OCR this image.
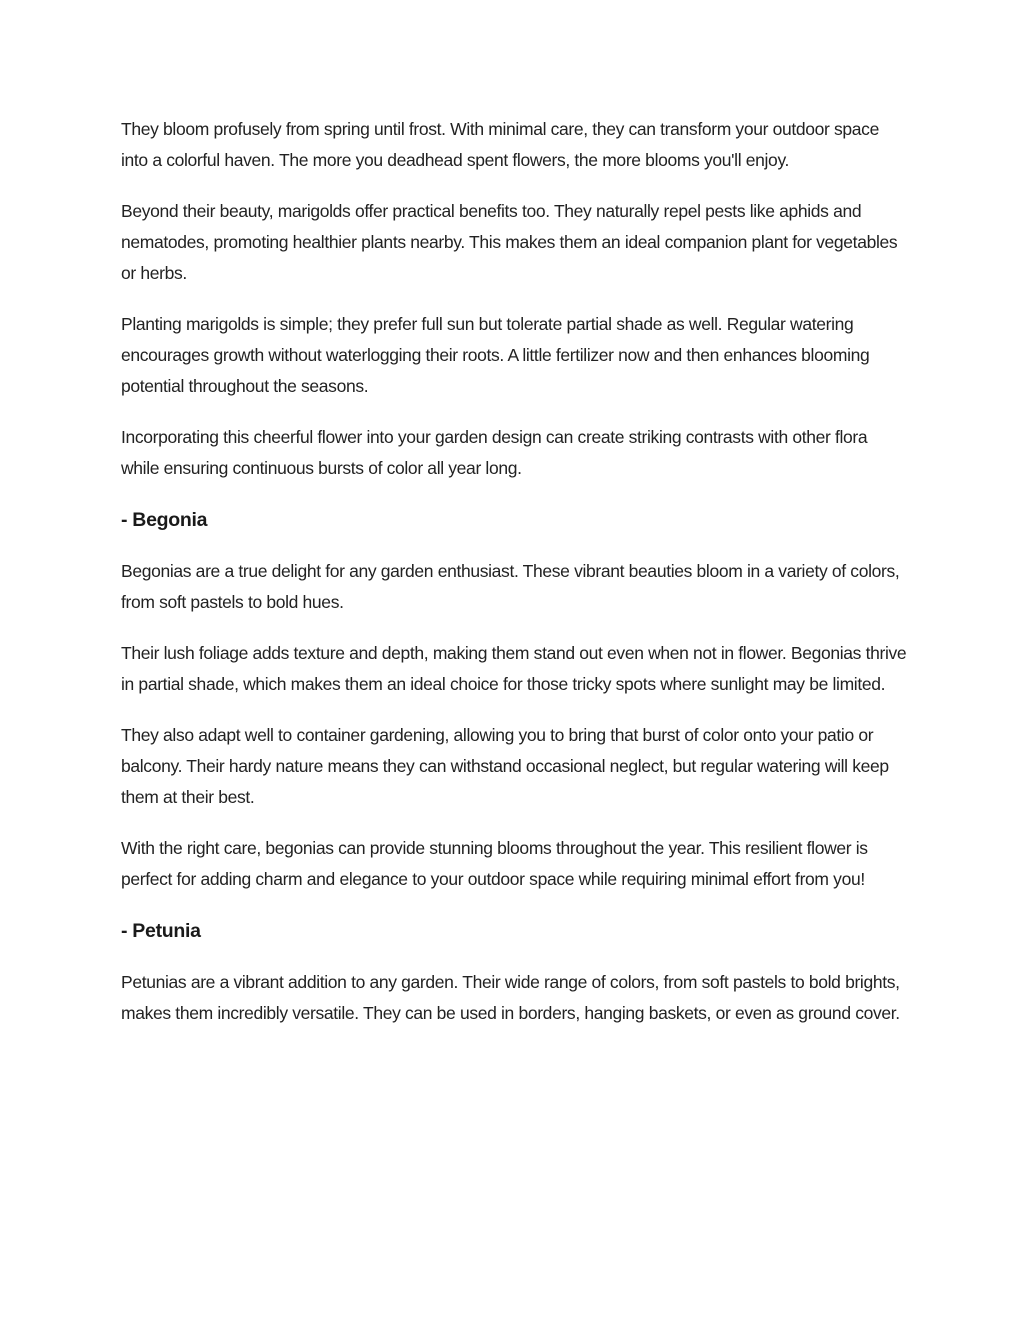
They bloom profusely from spring until frost. With minimal care, they can transform your outdoor space into a colorful haven. The more you deadhead spent flowers, the more blooms you'll enjoy.

Beyond their beauty, marigolds offer practical benefits too. They naturally repel pests like aphids and nematodes, promoting healthier plants nearby. This makes them an ideal companion plant for vegetables or herbs.

Planting marigolds is simple; they prefer full sun but tolerate partial shade as well. Regular watering encourages growth without waterlogging their roots. A little fertilizer now and then enhances blooming potential throughout the seasons.

Incorporating this cheerful flower into your garden design can create striking contrasts with other flora while ensuring continuous bursts of color all year long.

- Begonia

Begonias are a true delight for any garden enthusiast. These vibrant beauties bloom in a variety of colors, from soft pastels to bold hues.

Their lush foliage adds texture and depth, making them stand out even when not in flower. Begonias thrive in partial shade, which makes them an ideal choice for those tricky spots where sunlight may be limited.

They also adapt well to container gardening, allowing you to bring that burst of color onto your patio or balcony. Their hardy nature means they can withstand occasional neglect, but regular watering will keep them at their best.

With the right care, begonias can provide stunning blooms throughout the year. This resilient flower is perfect for adding charm and elegance to your outdoor space while requiring minimal effort from you!

- Petunia

Petunias are a vibrant addition to any garden. Their wide range of colors, from soft pastels to bold brights, makes them incredibly versatile. They can be used in borders, hanging baskets, or even as ground cover.
